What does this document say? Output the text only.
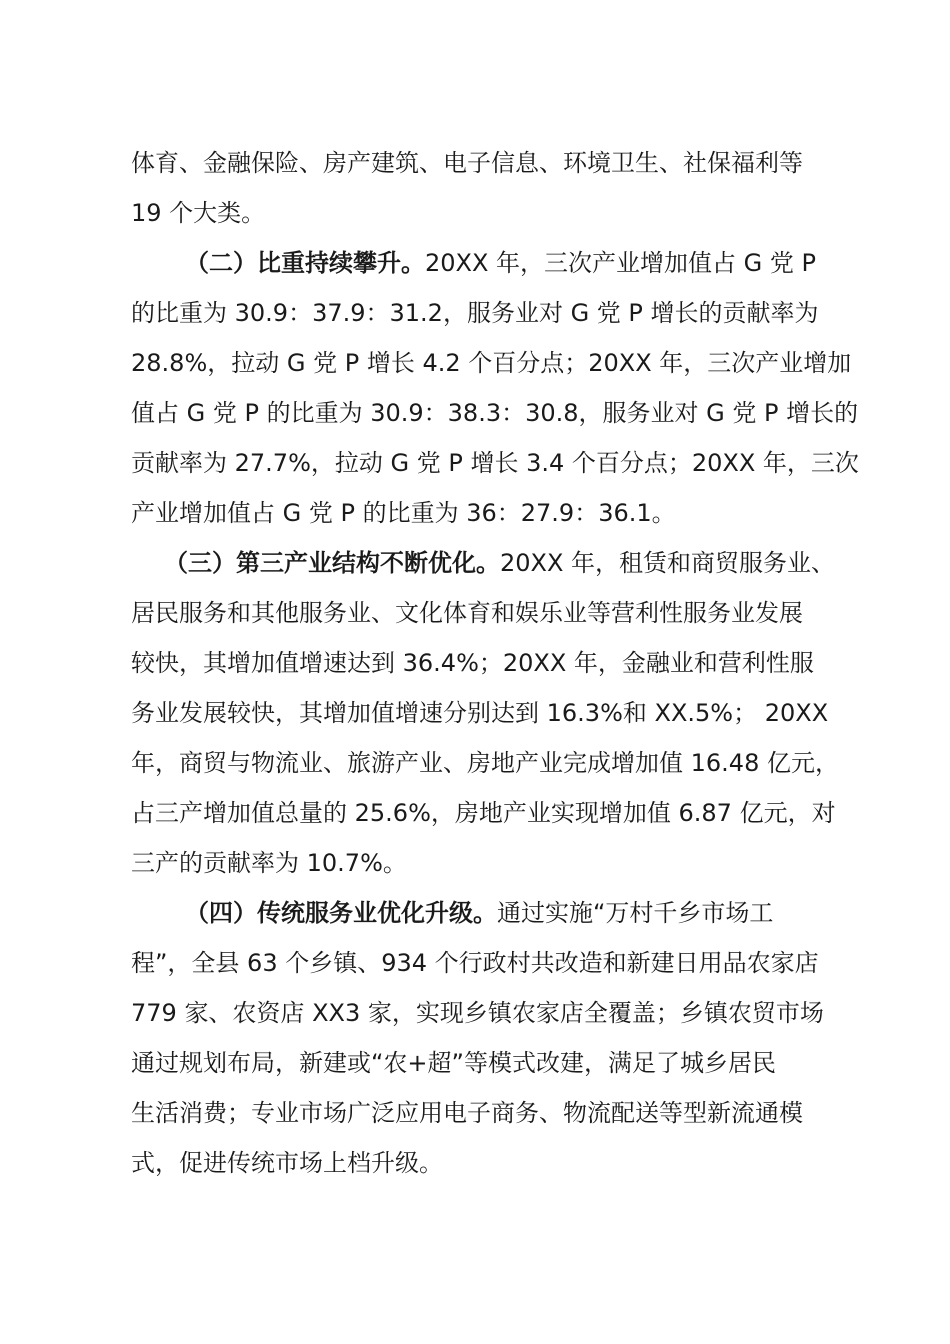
体育、金融保险、房产建筑、电子信息、环境卫生、社保福利等
19 个大类。
（二）比重持续攀升。20XX 年，三次产业增加值占 G 党 P
的比重为 30.9：37.9：31.2，服务业对 G 党 P 增长的贡献率为
28.8%，拉动 G 党 P 增长 4.2 个百分点；20XX 年，三次产业增加
值占 G 党 P 的比重为 30.9：38.3：30.8，服务业对 G 党 P 增长的
贡献率为 27.7%，拉动 G 党 P 增长 3.4 个百分点；20XX 年，三次
产业增加值占 G 党 P 的比重为 36：27.9：36.1。
（三）第三产业结构不断优化。20XX 年，租赁和商贸服务业、
居民服务和其他服务业、文化体育和娱乐业等营利性服务业发展
较快，其增加值增速达到 36.4%；20XX 年，金融业和营利性服
务业发展较快，其增加值增速分别达到 16.3%和 XX.5%； 20XX
年，商贸与物流业、旅游产业、房地产业完成增加值 16.48 亿元，
占三产增加值总量的 25.6%，房地产业实现增加值 6.87 亿元，对
三产的贡献率为 10.7%。
（四）传统服务业优化升级。通过实施“万村千乡市场工
程”，全县 63 个乡镇、934 个行政村共改造和新建日用品农家店
779 家、农资店 XX3 家，实现乡镇农家店全覆盖；乡镇农贸市场
通过规划布局，新建或“农+超”等模式改建，满足了城乡居民
生活消费；专业市场广泛应用电子商务、物流配送等型新流通模
式，促进传统市场上档升级。
